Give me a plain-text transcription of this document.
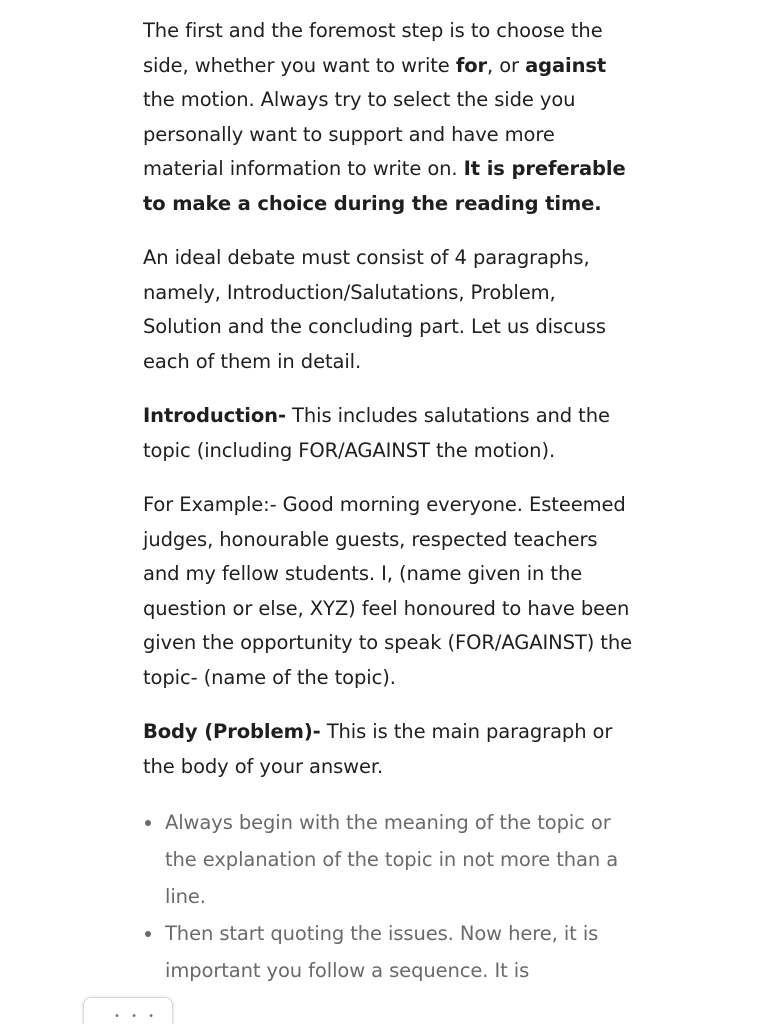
The first and the foremost step is to choose the side, whether you want to write for, or against the motion. Always try to select the side you personally want to support and have more material information to write on. It is preferable to make a choice during the reading time.

An ideal debate must consist of 4 paragraphs, namely, Introduction/Salutations, Problem, Solution and the concluding part. Let us discuss each of them in detail.

Introduction- This includes salutations and the topic (including FOR/AGAINST the motion).

For Example:- Good morning everyone. Esteemed judges, honourable guests, respected teachers and my fellow students. I, (name given in the question or else, XYZ) feel honoured to have been given the opportunity to speak (FOR/AGAINST) the topic- (name of the topic).

Body (Problem)- This is the main paragraph or the body of your answer.

Always begin with the meaning of the topic or the explanation of the topic in not more than a line.
Then start quoting the issues. Now here, it is important you follow a sequence. It is
• • •
